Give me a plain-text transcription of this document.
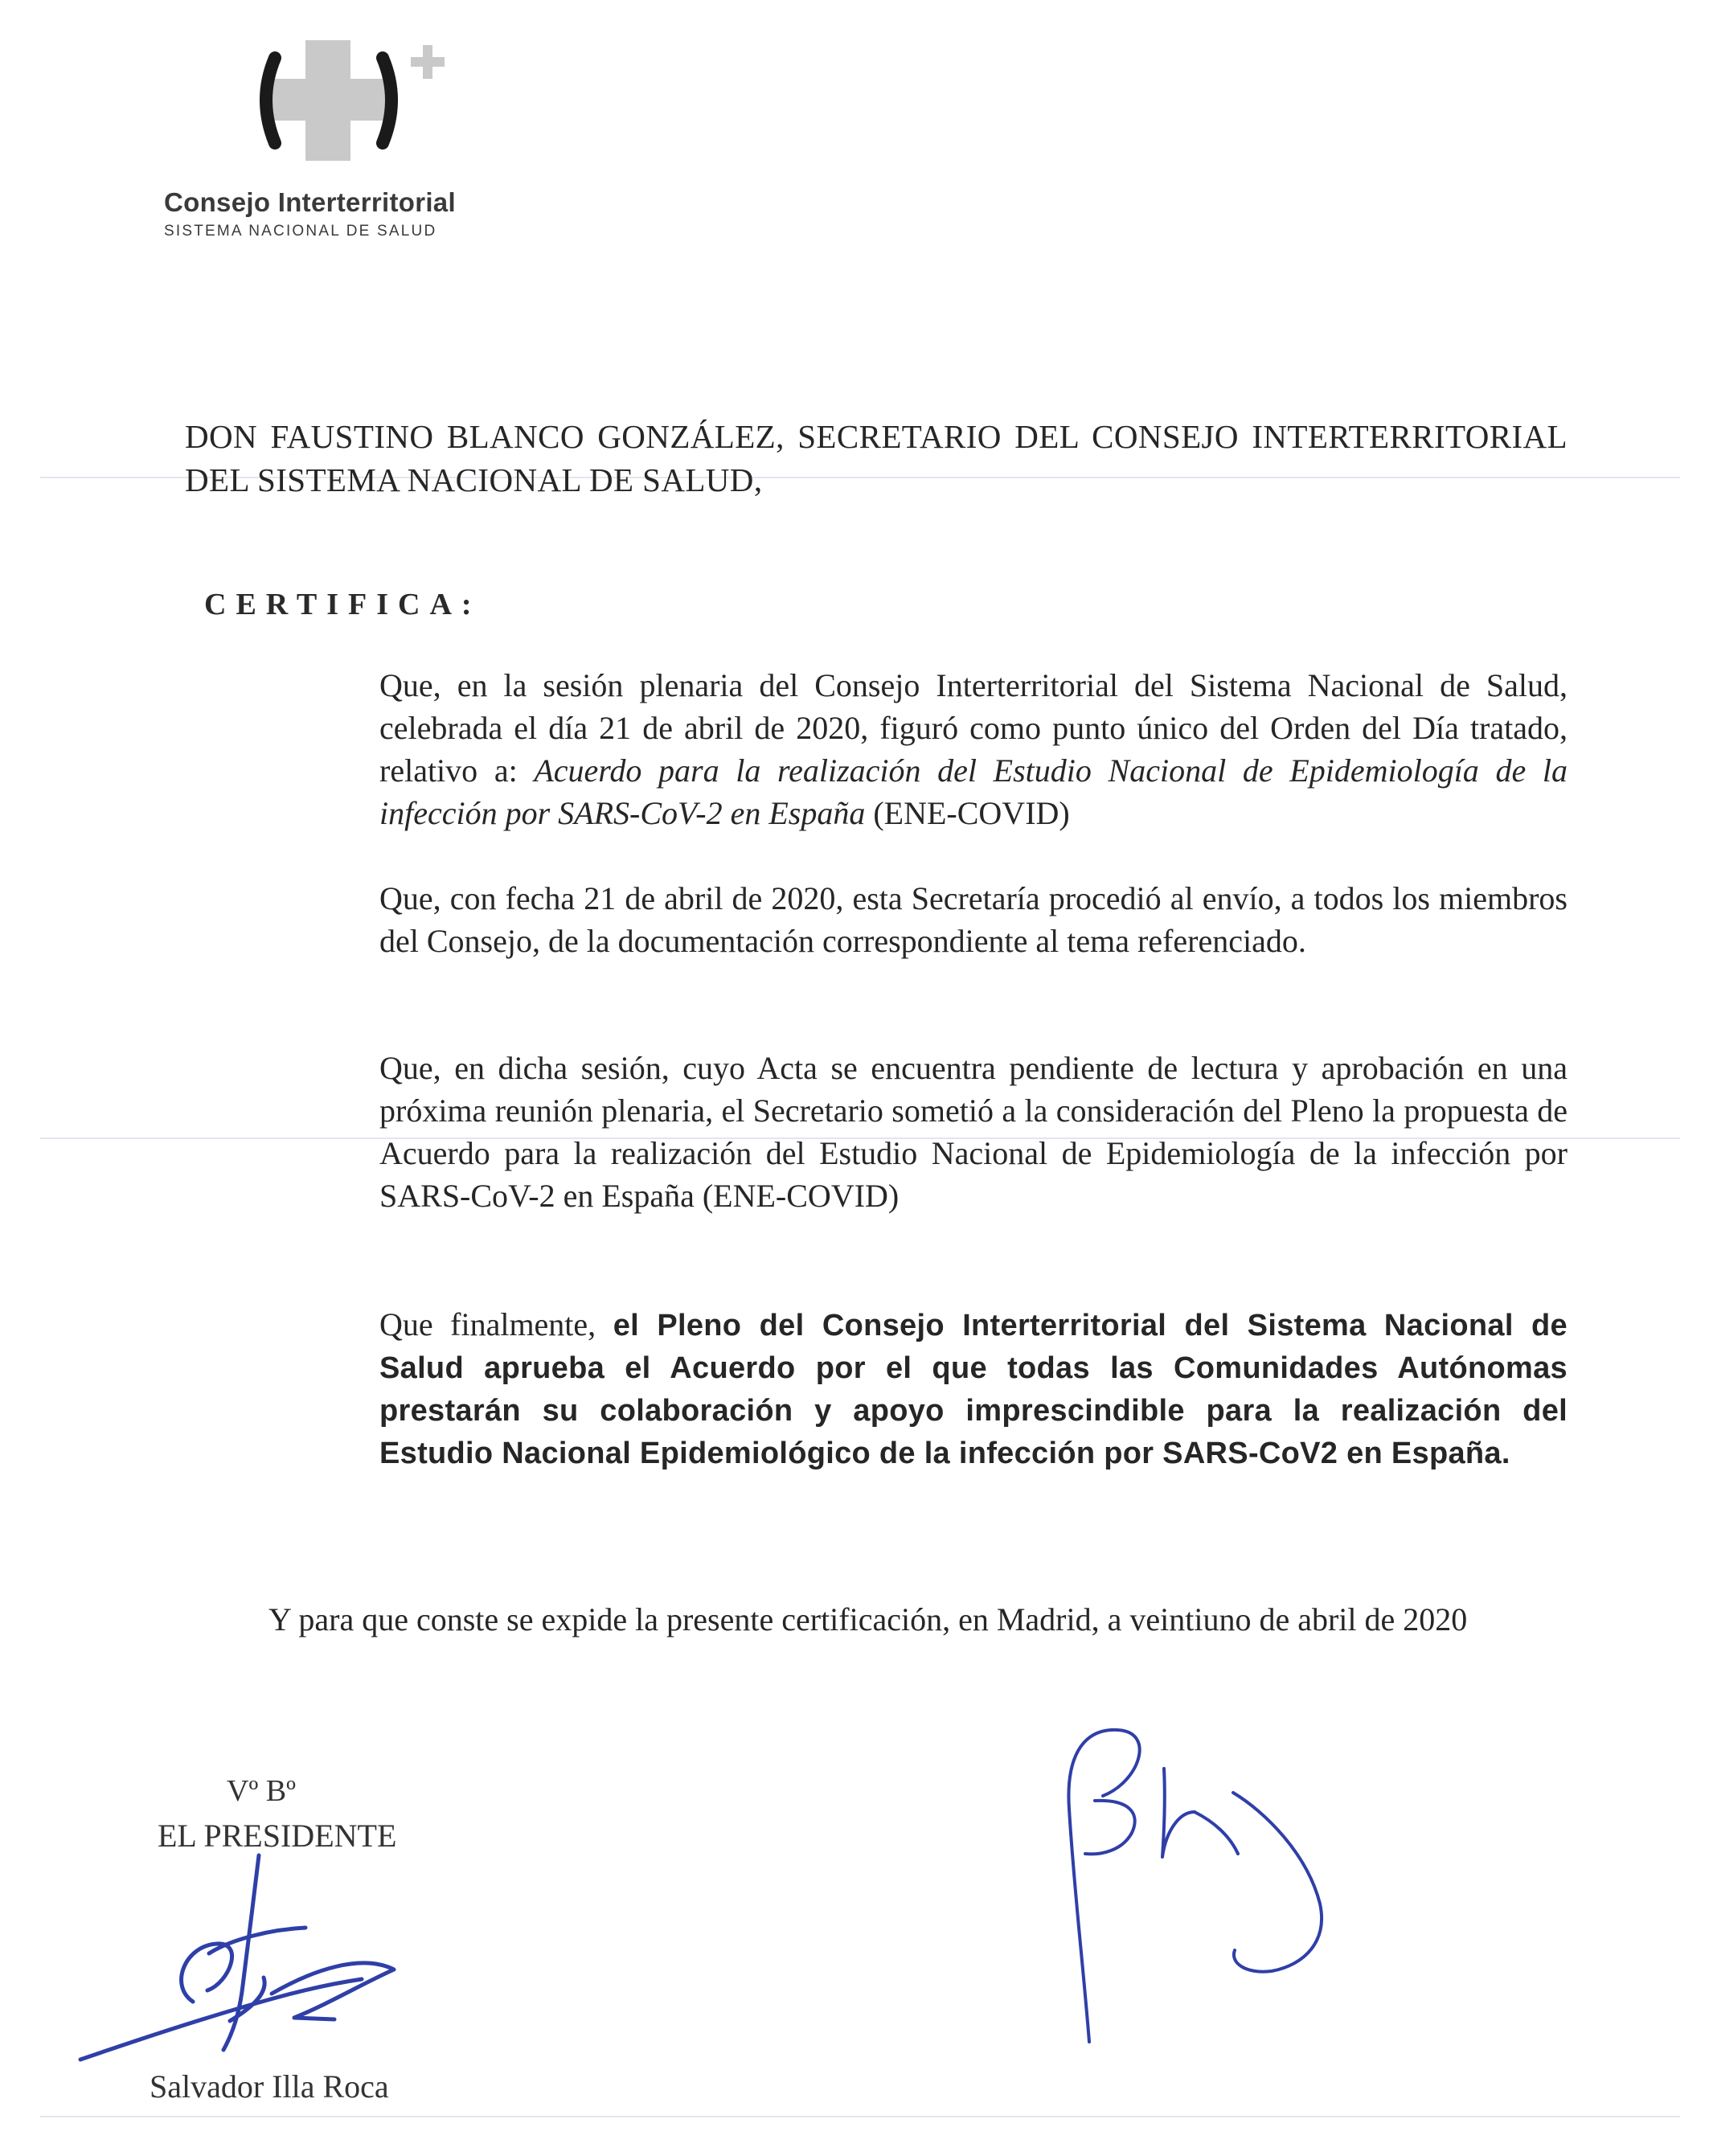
Consejo Interterritorial
SISTEMA NACIONAL DE SALUD
DON FAUSTINO BLANCO GONZÁLEZ, SECRETARIO DEL CONSEJO INTERTERRITORIAL DEL SISTEMA NACIONAL DE SALUD,
CERTIFICA:
Que, en la sesión plenaria del Consejo Interterritorial del Sistema Nacional de Salud, celebrada el día 21 de abril de 2020, figuró como punto único del Orden del Día tratado, relativo a: Acuerdo para la realización del Estudio Nacional de Epidemiología de la infección por SARS-CoV-2 en España (ENE-COVID)
Que, con fecha 21 de abril de 2020, esta Secretaría procedió al envío, a todos los miembros del Consejo, de la documentación correspondiente al tema referenciado.
Que, en dicha sesión, cuyo Acta se encuentra pendiente de lectura y aprobación en una próxima reunión plenaria, el Secretario sometió a la consideración del Pleno la propuesta de Acuerdo para la realización del Estudio Nacional de Epidemiología de la infección por SARS-CoV-2 en España (ENE-COVID)
Que finalmente, el Pleno del Consejo Interterritorial del Sistema Nacional de Salud aprueba el Acuerdo por el que todas las Comunidades Autónomas prestarán su colaboración y apoyo imprescindible para la realización del Estudio Nacional Epidemiológico de la infección por SARS-CoV2 en España.
Y para que conste se expide la presente certificación, en Madrid, a veintiuno de abril de 2020
Vº Bº
EL PRESIDENTE
Salvador Illa Roca
